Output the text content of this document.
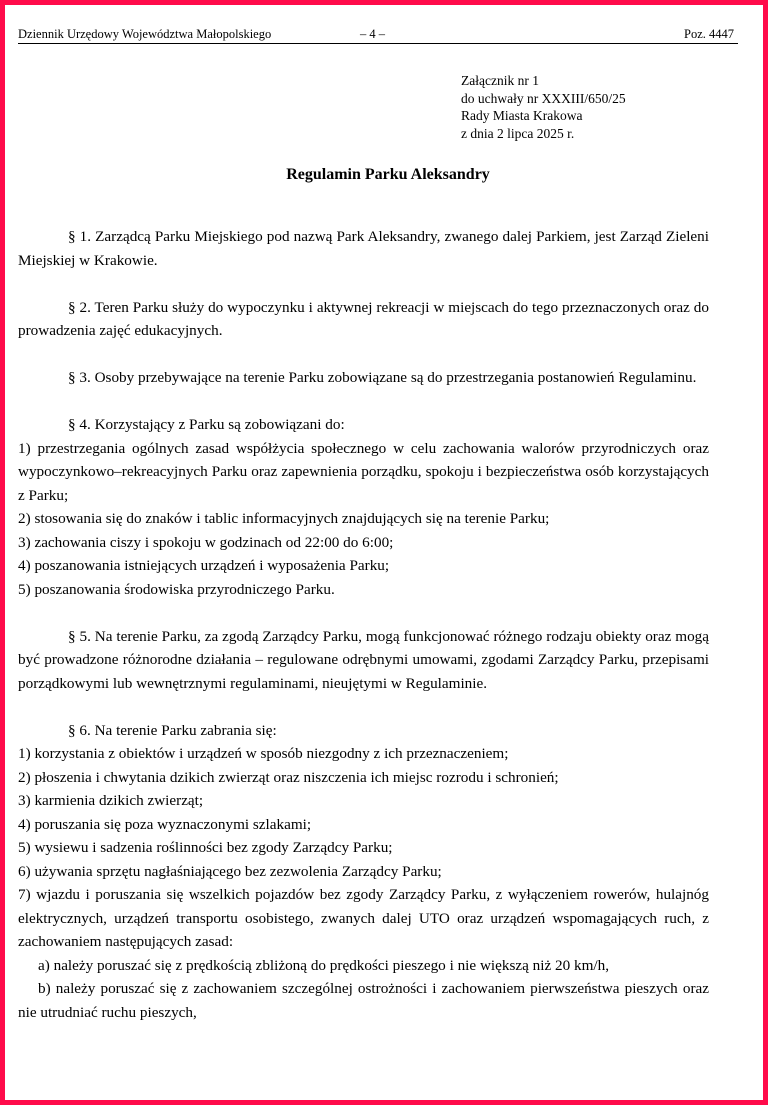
Dziennik Urzędowy Województwa Małopolskiego	– 4 –	Poz. 4447
Załącznik nr 1
do uchwały nr XXXIII/650/25
Rady Miasta Krakowa
z dnia 2 lipca 2025 r.
Regulamin Parku Aleksandry
§ 1. Zarządcą Parku Miejskiego pod nazwą Park Aleksandry, zwanego dalej Parkiem, jest Zarząd Zieleni Miejskiej w Krakowie.
§ 2. Teren Parku służy do wypoczynku i aktywnej rekreacji w miejscach do tego przeznaczonych oraz do prowadzenia zajęć edukacyjnych.
§ 3. Osoby przebywające na terenie Parku zobowiązane są do przestrzegania postanowień Regulaminu.
§ 4. Korzystający z Parku są zobowiązani do:
1) przestrzegania ogólnych zasad współżycia społecznego w celu zachowania walorów przyrodniczych oraz wypoczynkowo–rekreacyjnych Parku oraz zapewnienia porządku, spokoju i bezpieczeństwa osób korzystających z Parku;
2) stosowania się do znaków i tablic informacyjnych znajdujących się na terenie Parku;
3) zachowania ciszy i spokoju w godzinach od 22:00 do 6:00;
4) poszanowania istniejących urządzeń i wyposażenia Parku;
5) poszanowania środowiska przyrodniczego Parku.
§ 5. Na terenie Parku, za zgodą Zarządcy Parku, mogą funkcjonować różnego rodzaju obiekty oraz mogą być prowadzone różnorodne działania – regulowane odrębnymi umowami, zgodami Zarządcy Parku, przepisami porządkowymi lub wewnętrznymi regulaminami, nieujętymi w Regulaminie.
§ 6. Na terenie Parku zabrania się:
1) korzystania z obiektów i urządzeń w sposób niezgodny z ich przeznaczeniem;
2) płoszenia i chwytania dzikich zwierząt oraz niszczenia ich miejsc rozrodu i schronień;
3) karmienia dzikich zwierząt;
4) poruszania się poza wyznaczonymi szlakami;
5) wysiewu i sadzenia roślinności bez zgody Zarządcy Parku;
6) używania sprzętu nagłaśniającego bez zezwolenia Zarządcy Parku;
7) wjazdu i poruszania się wszelkich pojazdów bez zgody Zarządcy Parku, z wyłączeniem rowerów, hulajnóg elektrycznych, urządzeń transportu osobistego, zwanych dalej UTO oraz urządzeń wspomagających ruch, z zachowaniem następujących zasad:
a) należy poruszać się z prędkością zbliżoną do prędkości pieszego i nie większą niż 20 km/h,
b) należy poruszać się z zachowaniem szczególnej ostrożności i zachowaniem pierwszeństwa pieszych oraz nie utrudniać ruchu pieszych,
